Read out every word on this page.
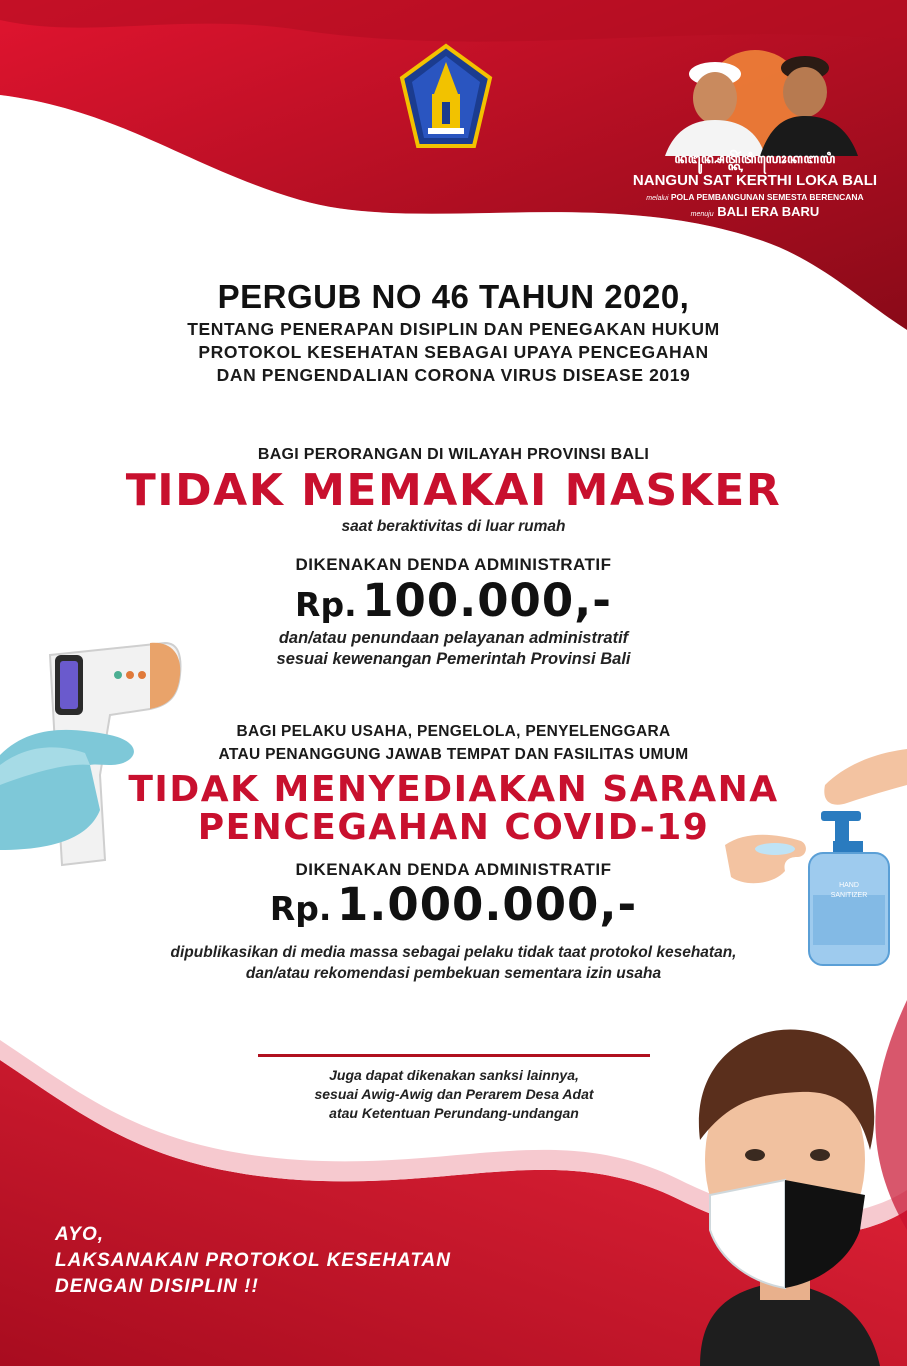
ꦤꦔꦸꦤ꧀ꦱꦠ꧀ꦏꦼꦂꦠꦶꦭꦺꦴꦏꦧꦭꦶ
NANGUN SAT KERTHI LOKA BALI
melalui POLA PEMBANGUNAN SEMESTA BERENCANA
menuju BALI ERA BARU
PERGUB NO 46 TAHUN 2020,
TENTANG PENERAPAN DISIPLIN DAN PENEGAKAN HUKUM
PROTOKOL KESEHATAN SEBAGAI UPAYA PENCEGAHAN
DAN PENGENDALIAN CORONA VIRUS DISEASE 2019
BAGI PERORANGAN DI WILAYAH PROVINSI BALI
TIDAK MEMAKAI MASKER
saat beraktivitas di luar rumah
DIKENAKAN DENDA ADMINISTRATIF
Rp. 100.000,-
dan/atau penundaan pelayanan administratif
sesuai kewenangan Pemerintah Provinsi Bali
BAGI PELAKU USAHA, PENGELOLA, PENYELENGGARA
ATAU PENANGGUNG JAWAB TEMPAT DAN FASILITAS UMUM
TIDAK MENYEDIAKAN SARANA
PENCEGAHAN COVID-19
DIKENAKAN DENDA ADMINISTRATIF
Rp. 1.000.000,-
dipublikasikan di media massa sebagai pelaku tidak taat protokol kesehatan,
dan/atau rekomendasi pembekuan sementara izin usaha
HAND
SANITIZER
Juga dapat dikenakan sanksi lainnya,
sesuai Awig-Awig dan Perarem Desa Adat
atau Ketentuan Perundang-undangan
AYO,
LAKSANAKAN PROTOKOL KESEHATAN
DENGAN DISIPLIN !!
